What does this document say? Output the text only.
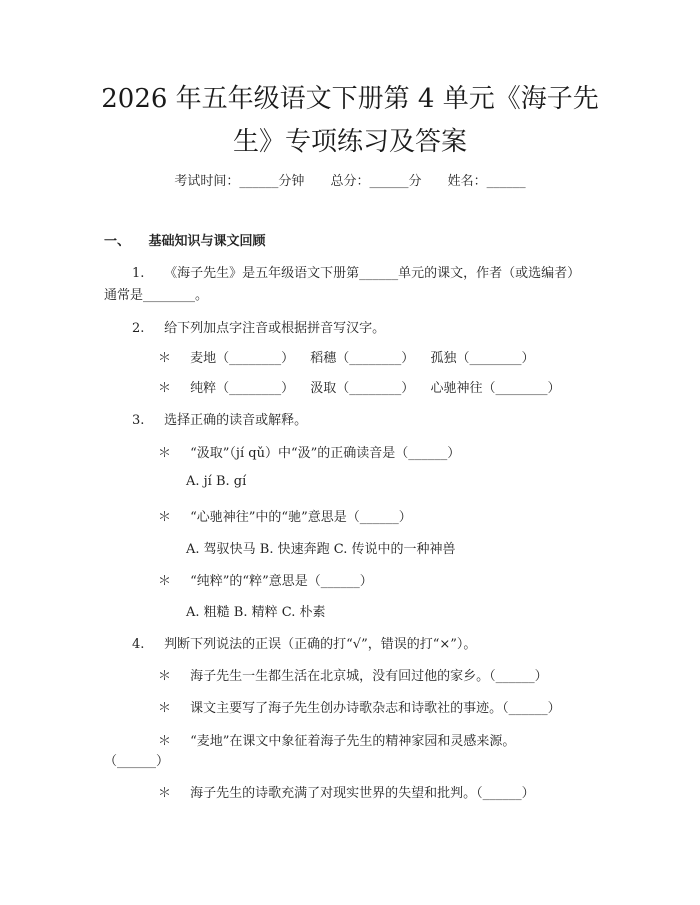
2026 年五年级语文下册第 4 单元《海子先
生》专项练习及答案
考试时间：______分钟 总分：______分 姓名：______
一、 基础知识与课文回顾
1. 《海子先生》是五年级语文下册第______单元的课文，作者（或选编者）
通常是________。
2. 给下列加点字注音或根据拼音写汉字。
＊ 麦地（________） 稻穗（________） 孤独（________）
＊ 纯粹（________） 汲取（________） 心驰神往（________）
3. 选择正确的读音或解释。
＊ “汲取”（jí qǔ）中“汲”的正确读音是（______）
A. jí B. gí
＊ “心驰神往”中的“驰”意思是（______）
A. 驾驭快马 B. 快速奔跑 C. 传说中的一种神兽
＊ “纯粹”的“粹”意思是（______）
A. 粗糙 B. 精粹 C. 朴素
4. 判断下列说法的正误（正确的打“√”，错误的打“×”）。
＊ 海子先生一生都生活在北京城，没有回过他的家乡。（______）
＊ 课文主要写了海子先生创办诗歌杂志和诗歌社的事迹。（______）
＊ “麦地”在课文中象征着海子先生的精神家园和灵感来源。
（______）
＊ 海子先生的诗歌充满了对现实世界的失望和批判。（______）
